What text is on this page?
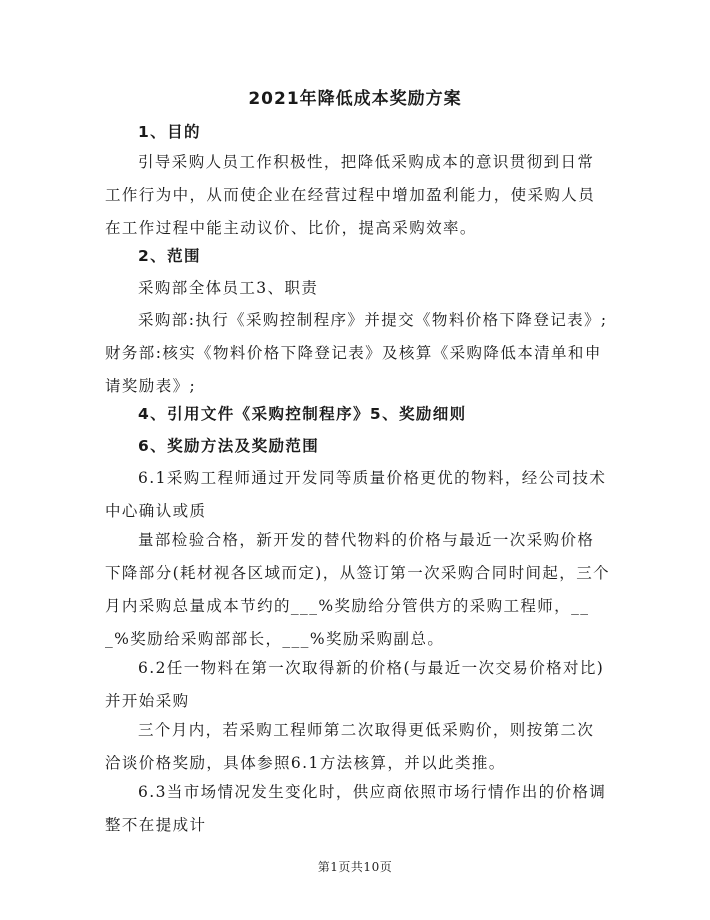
2021年降低成本奖励方案
1、目的
引导采购人员工作积极性，把降低采购成本的意识贯彻到日常工作行为中，从而使企业在经营过程中增加盈利能力，使采购人员在工作过程中能主动议价、比价，提高采购效率。
2、范围
采购部全体员工3、职责
采购部:执行《采购控制程序》并提交《物料价格下降登记表》;财务部:核实《物料价格下降登记表》及核算《采购降低本清单和申请奖励表》;
4、引用文件《采购控制程序》5、奖励细则
6、奖励方法及奖励范围
6.1采购工程师通过开发同等质量价格更优的物料，经公司技术中心确认或质
量部检验合格，新开发的替代物料的价格与最近一次采购价格下降部分(耗材视各区域而定)，从签订第一次采购合同时间起，三个月内采购总量成本节约的___%奖励给分管供方的采购工程师，___%奖励给采购部部长，___%奖励采购副总。
6.2任一物料在第一次取得新的价格(与最近一次交易价格对比)并开始采购
三个月内，若采购工程师第二次取得更低采购价，则按第二次洽谈价格奖励，具体参照6.1方法核算，并以此类推。
6.3当市场情况发生变化时，供应商依照市场行情作出的价格调整不在提成计
第1页共10页
